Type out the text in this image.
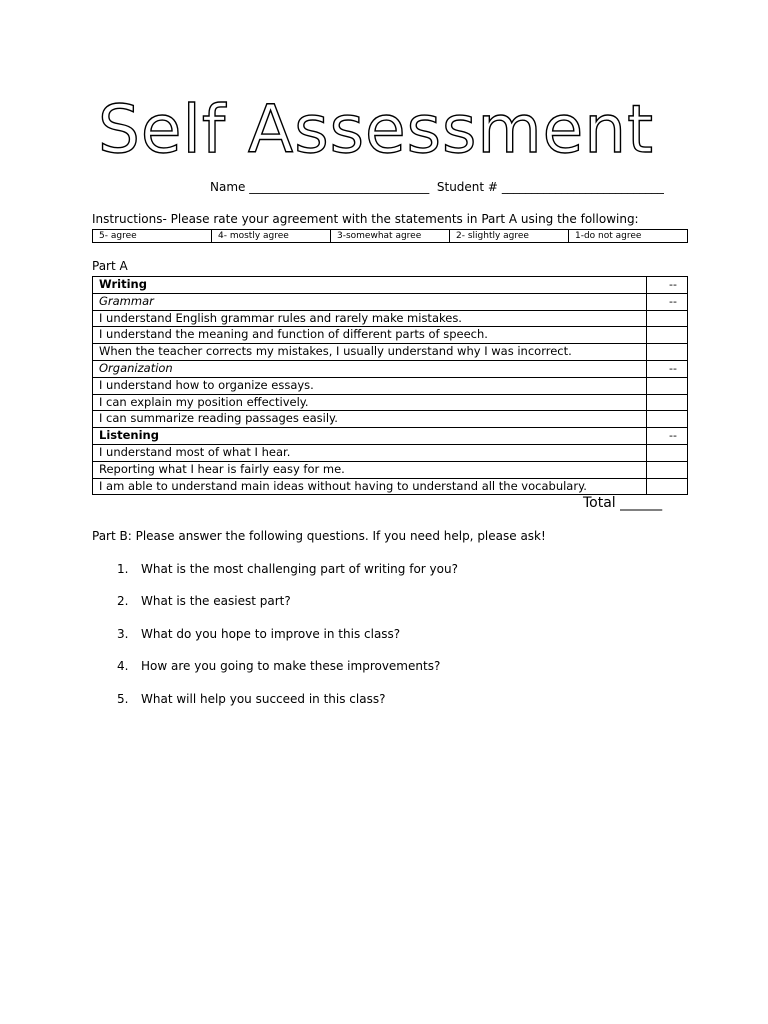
Self Assessment
Name ______________________________ Student # ___________________________
Instructions- Please rate your agreement with the statements in Part A using the following:
5- agree	4- mostly agree	3-somewhat agree	2- slightly agree	1-do not agree
Part A
Writing	--
Grammar	--
I understand English grammar rules and rarely make mistakes.	
I understand the meaning and function of different parts of speech.	
When the teacher corrects my mistakes, I usually understand why I was incorrect.	
Organization	--
I understand how to organize essays.	
I can explain my position effectively.	
I can summarize reading passages easily.	
Listening	--
I understand most of what I hear.	
Reporting what I hear is fairly easy for me.	
I am able to understand main ideas without having to understand all the vocabulary.	
Total ______
Part B: Please answer the following questions. If you need help, please ask!
1. What is the most challenging part of writing for you?
2. What is the easiest part?
3. What do you hope to improve in this class?
4. How are you going to make these improvements?
5. What will help you succeed in this class?
